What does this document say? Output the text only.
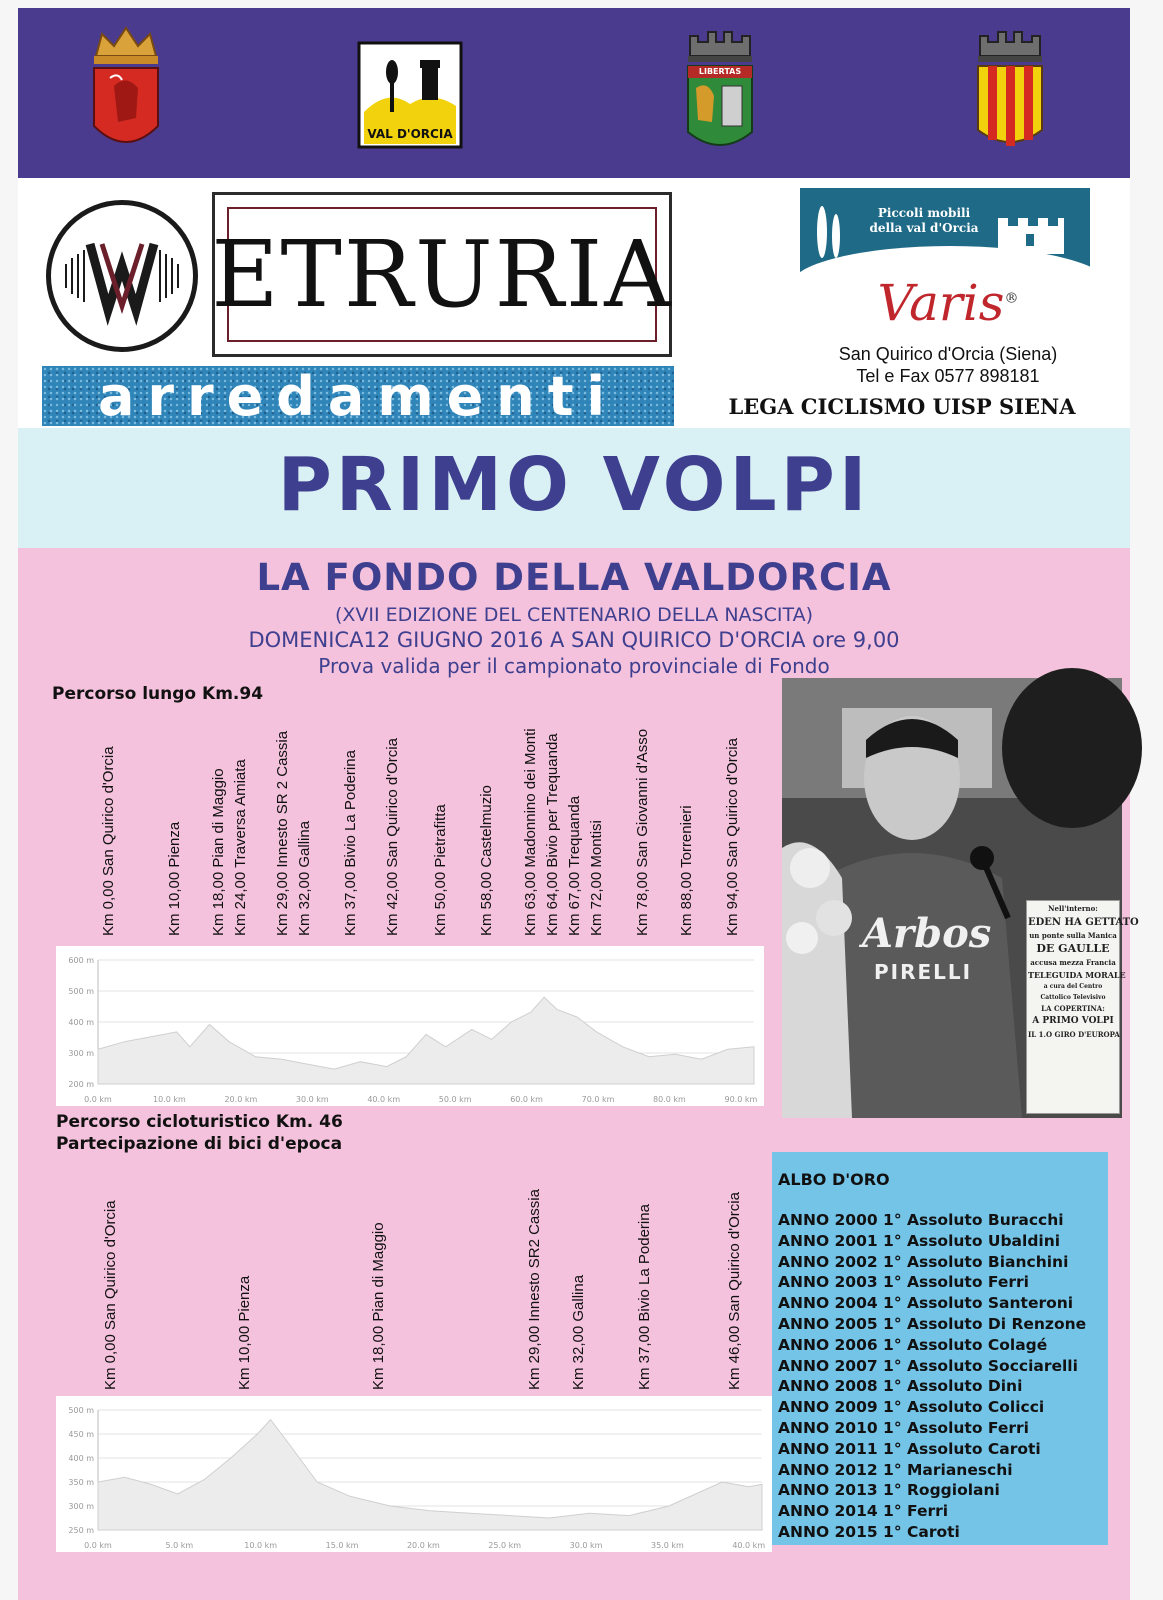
VAL D'ORCIA
LIBERTAS
ETRURIA
arredamenti
Piccoli mobili
della val d'Orcia
Varis®
San Quirico d'Orcia (Siena)
Tel e Fax 0577 898181
LEGA CICLISMO UISP SIENA
PRIMO VOLPI
LA FONDO DELLA VALDORCIA
(XVII EDIZIONE DEL CENTENARIO DELLA NASCITA)
DOMENICA12 GIUGNO 2016 A SAN QUIRICO D'ORCIA ore 9,00
Prova valida per il campionato provinciale di Fondo
Percorso lungo Km.94
Km 0,00 San Quirico d'Orcia	Km 10,00 Pienza Km 18,00 Pian di Maggio Km 24,00 Traversa Amiata Km 29,00 Innesto SR 2 Cassia Km 32,00 Gallina Km 37,00 Bivio La Poderina Km 42,00 San Quirico d'Orcia Km 50,00 Pietrafitta Km 58,00 Castelmuzio Km 63,00 Madonnino dei Monti Km 64,00 Bivio per Trequanda Km 67,00 Trequanda Km 72,00 Montisi Km 78,00 San Giovanni d'Asso Km 88,00 Torrenieri Km 94,00 San Quirico d'Orcia
600 m
500 m
400 m
300 m
200 m
0.0 km	10.0 km	20.0 km	30.0 km	40.0 km	50.0 km	60.0 km	70.0 km	80.0 km	90.0 km
Percorso cicloturistico Km. 46
Partecipazione di bici d'epoca
Km 0,00 San Quirico d'Orcia	Km 10,00 Pienza	Km 18,00 Pian di Maggio	Km 29,00 Innesto SR2 Cassia Km 32,00 Gallina	Km 37,00 Bivio La Poderina	Km 46,00 San Quirico d'Orcia
500 m
450 m
400 m
350 m
300 m
250 m
0.0 km	5.0 km	10.0 km	15.0 km	20.0 km	25.0 km	30.0 km	35.0 km	40.0 km
Arbos
PIRELLI
Nell'interno:
EDEN HA GETTATO
un ponte sulla Manica
DE GAULLE
accusa mezza Francia
TELEGUIDA MORALE
a cura del Centro
Cattolico Televisivo
LA COPERTINA:
A PRIMO VOLPI
IL 1.O GIRO D'EUROPA
ALBO D'ORO
ANNO 2000 1° Assoluto Buracchi
ANNO 2001 1° Assoluto Ubaldini
ANNO 2002 1° Assoluto Bianchini
ANNO 2003 1° Assoluto Ferri
ANNO 2004 1° Assoluto Santeroni
ANNO 2005 1° Assoluto Di Renzone
ANNO 2006 1° Assoluto Colagé
ANNO 2007 1° Assoluto Socciarelli
ANNO 2008 1° Assoluto Dini
ANNO 2009 1° Assoluto Colicci
ANNO 2010 1° Assoluto Ferri
ANNO 2011 1° Assoluto Caroti
ANNO 2012 1° Marianeschi
ANNO 2013 1° Roggiolani
ANNO 2014 1° Ferri
ANNO 2015 1° Caroti
